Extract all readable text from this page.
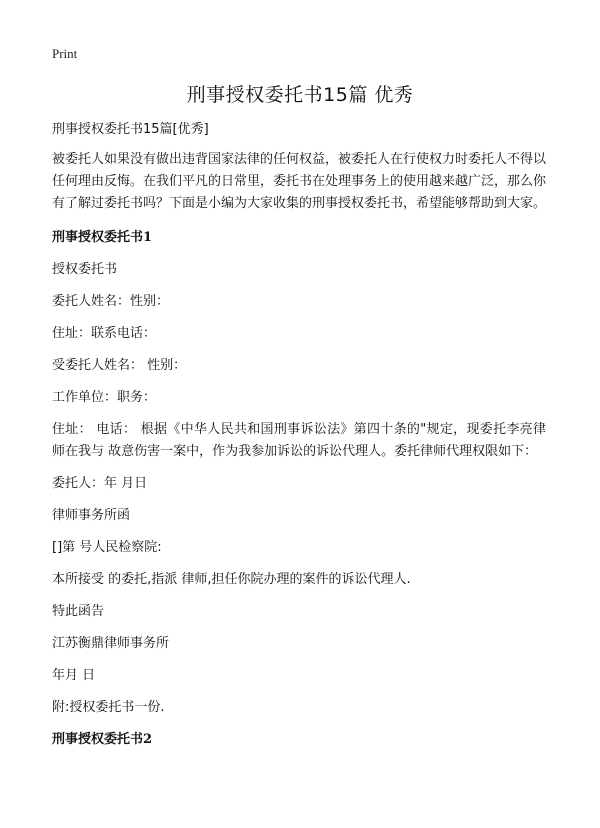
Print
刑事授权委托书15篇 优秀

刑事授权委托书15篇[优秀]

被委托人如果没有做出违背国家法律的任何权益，被委托人在行使权力时委托人不得以任何理由反悔。在我们平凡的日常里，委托书在处理事务上的使用越来越广泛，那么你有了解过委托书吗？下面是小编为大家收集的刑事授权委托书，希望能够帮助到大家。

刑事授权委托书1

授权委托书

委托人姓名：性别：

住址：联系电话：

受委托人姓名： 性别：

工作单位：职务：

住址： 电话： 根据《中华人民共和国刑事诉讼法》第四十条的"规定，现委托李亮律师在我与 故意伤害一案中，作为我参加诉讼的诉讼代理人。委托律师代理权限如下：

委托人：年 月日

律师事务所函

[]第 号人民检察院:

本所接受 的委托,指派 律师,担任你院办理的案件的诉讼代理人.

特此函告

江苏衡鼎律师事务所

年月 日

附:授权委托书一份.

刑事授权委托书2
